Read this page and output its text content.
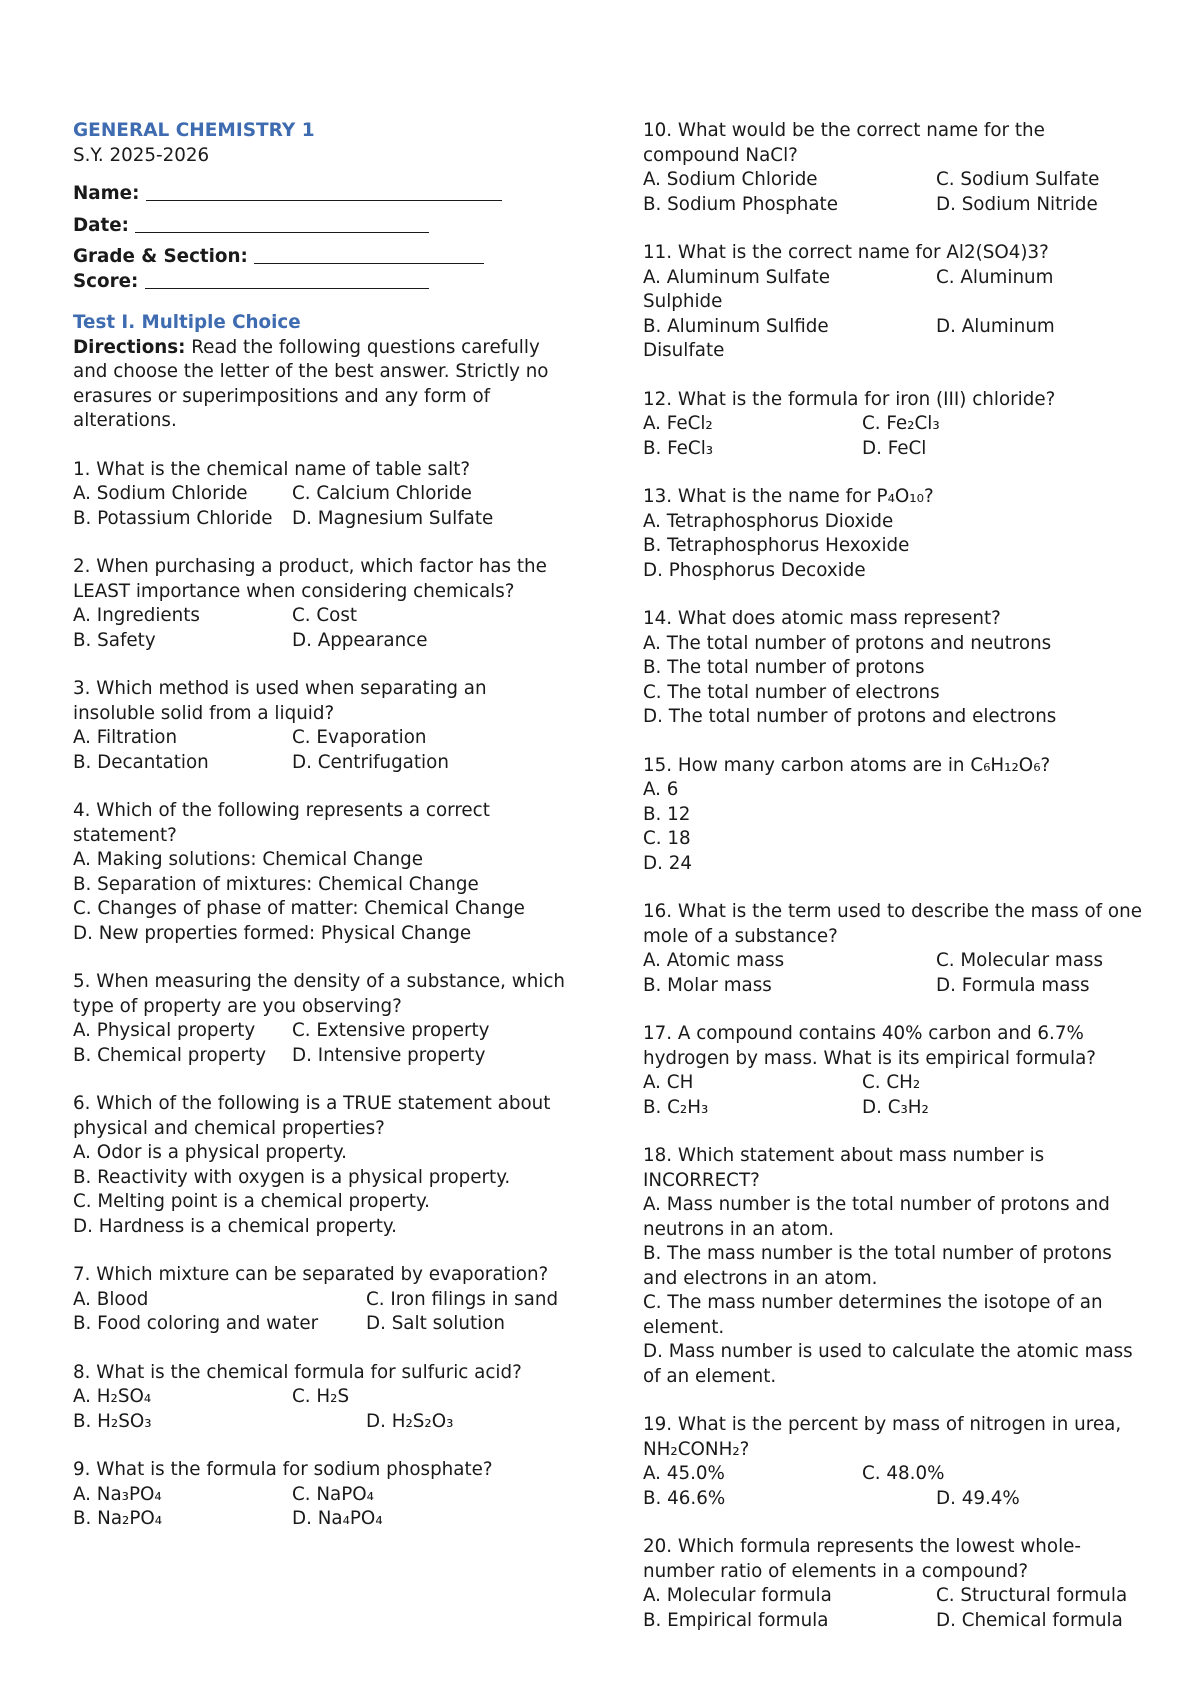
GENERAL CHEMISTRY 1
S.Y. 2025-2026
Name:
Date:
Grade & Section:
Score:
Test I. Multiple Choice
Directions: Read the following questions carefully and choose the letter of the best answer. Strictly no erasures or superimpositions and any form of alterations.
1. What is the chemical name of table salt?
A. Sodium Chloride	C. Calcium Chloride
B. Potassium Chloride	D. Magnesium Sulfate
2. When purchasing a product, which factor has the LEAST importance when considering chemicals?
A. Ingredients	C. Cost
B. Safety	D. Appearance
3. Which method is used when separating an insoluble solid from a liquid?
A. Filtration	C. Evaporation
B. Decantation	D. Centrifugation
4. Which of the following represents a correct statement?
A. Making solutions: Chemical Change
B. Separation of mixtures: Chemical Change
C. Changes of phase of matter: Chemical Change
D. New properties formed: Physical Change
5. When measuring the density of a substance, which type of property are you observing?
A. Physical property	C. Extensive property
B. Chemical property	D. Intensive property
6. Which of the following is a TRUE statement about physical and chemical properties?
A. Odor is a physical property.
B. Reactivity with oxygen is a physical property.
C. Melting point is a chemical property.
D. Hardness is a chemical property.
7. Which mixture can be separated by evaporation?
A. Blood	C. Iron filings in sand
B. Food coloring and water	D. Salt solution
8. What is the chemical formula for sulfuric acid?
A. H₂SO₄	C. H₂S
B. H₂SO₃	D. H₂S₂O₃
9. What is the formula for sodium phosphate?
A. Na₃PO₄	C. NaPO₄
B. Na₂PO₄	D. Na₄PO₄
10. What would be the correct name for the compound NaCl?
A. Sodium Chloride	C. Sodium Sulfate
B. Sodium Phosphate	D. Sodium Nitride
11. What is the correct name for Al2(SO4)3?
A. Aluminum Sulfate	C. Aluminum
Sulphide
B. Aluminum Sulfide	D. Aluminum
Disulfate
12. What is the formula for iron (III) chloride?
A. FeCl₂	C. Fe₂Cl₃
B. FeCl₃	D. FeCl
13. What is the name for P₄O₁₀?
A. Tetraphosphorus Dioxide
B. Tetraphosphorus Hexoxide
D. Phosphorus Decoxide
14. What does atomic mass represent?
A. The total number of protons and neutrons
B. The total number of protons
C. The total number of electrons
D. The total number of protons and electrons
15. How many carbon atoms are in C₆H₁₂O₆?
A. 6
B. 12
C. 18
D. 24
16. What is the term used to describe the mass of one mole of a substance?
A. Atomic mass	C. Molecular mass
B. Molar mass	D. Formula mass
17. A compound contains 40% carbon and 6.7% hydrogen by mass. What is its empirical formula?
A. CH	C. CH₂
B. C₂H₃	D. C₃H₂
18. Which statement about mass number is INCORRECT?
A. Mass number is the total number of protons and neutrons in an atom.
B. The mass number is the total number of protons and electrons in an atom.
C. The mass number determines the isotope of an element.
D. Mass number is used to calculate the atomic mass of an element.
19. What is the percent by mass of nitrogen in urea, NH₂CONH₂?
A. 45.0%	C. 48.0%
B. 46.6%	D. 49.4%
20. Which formula represents the lowest whole-number ratio of elements in a compound?
A. Molecular formula	C. Structural formula
B. Empirical formula	D. Chemical formula
